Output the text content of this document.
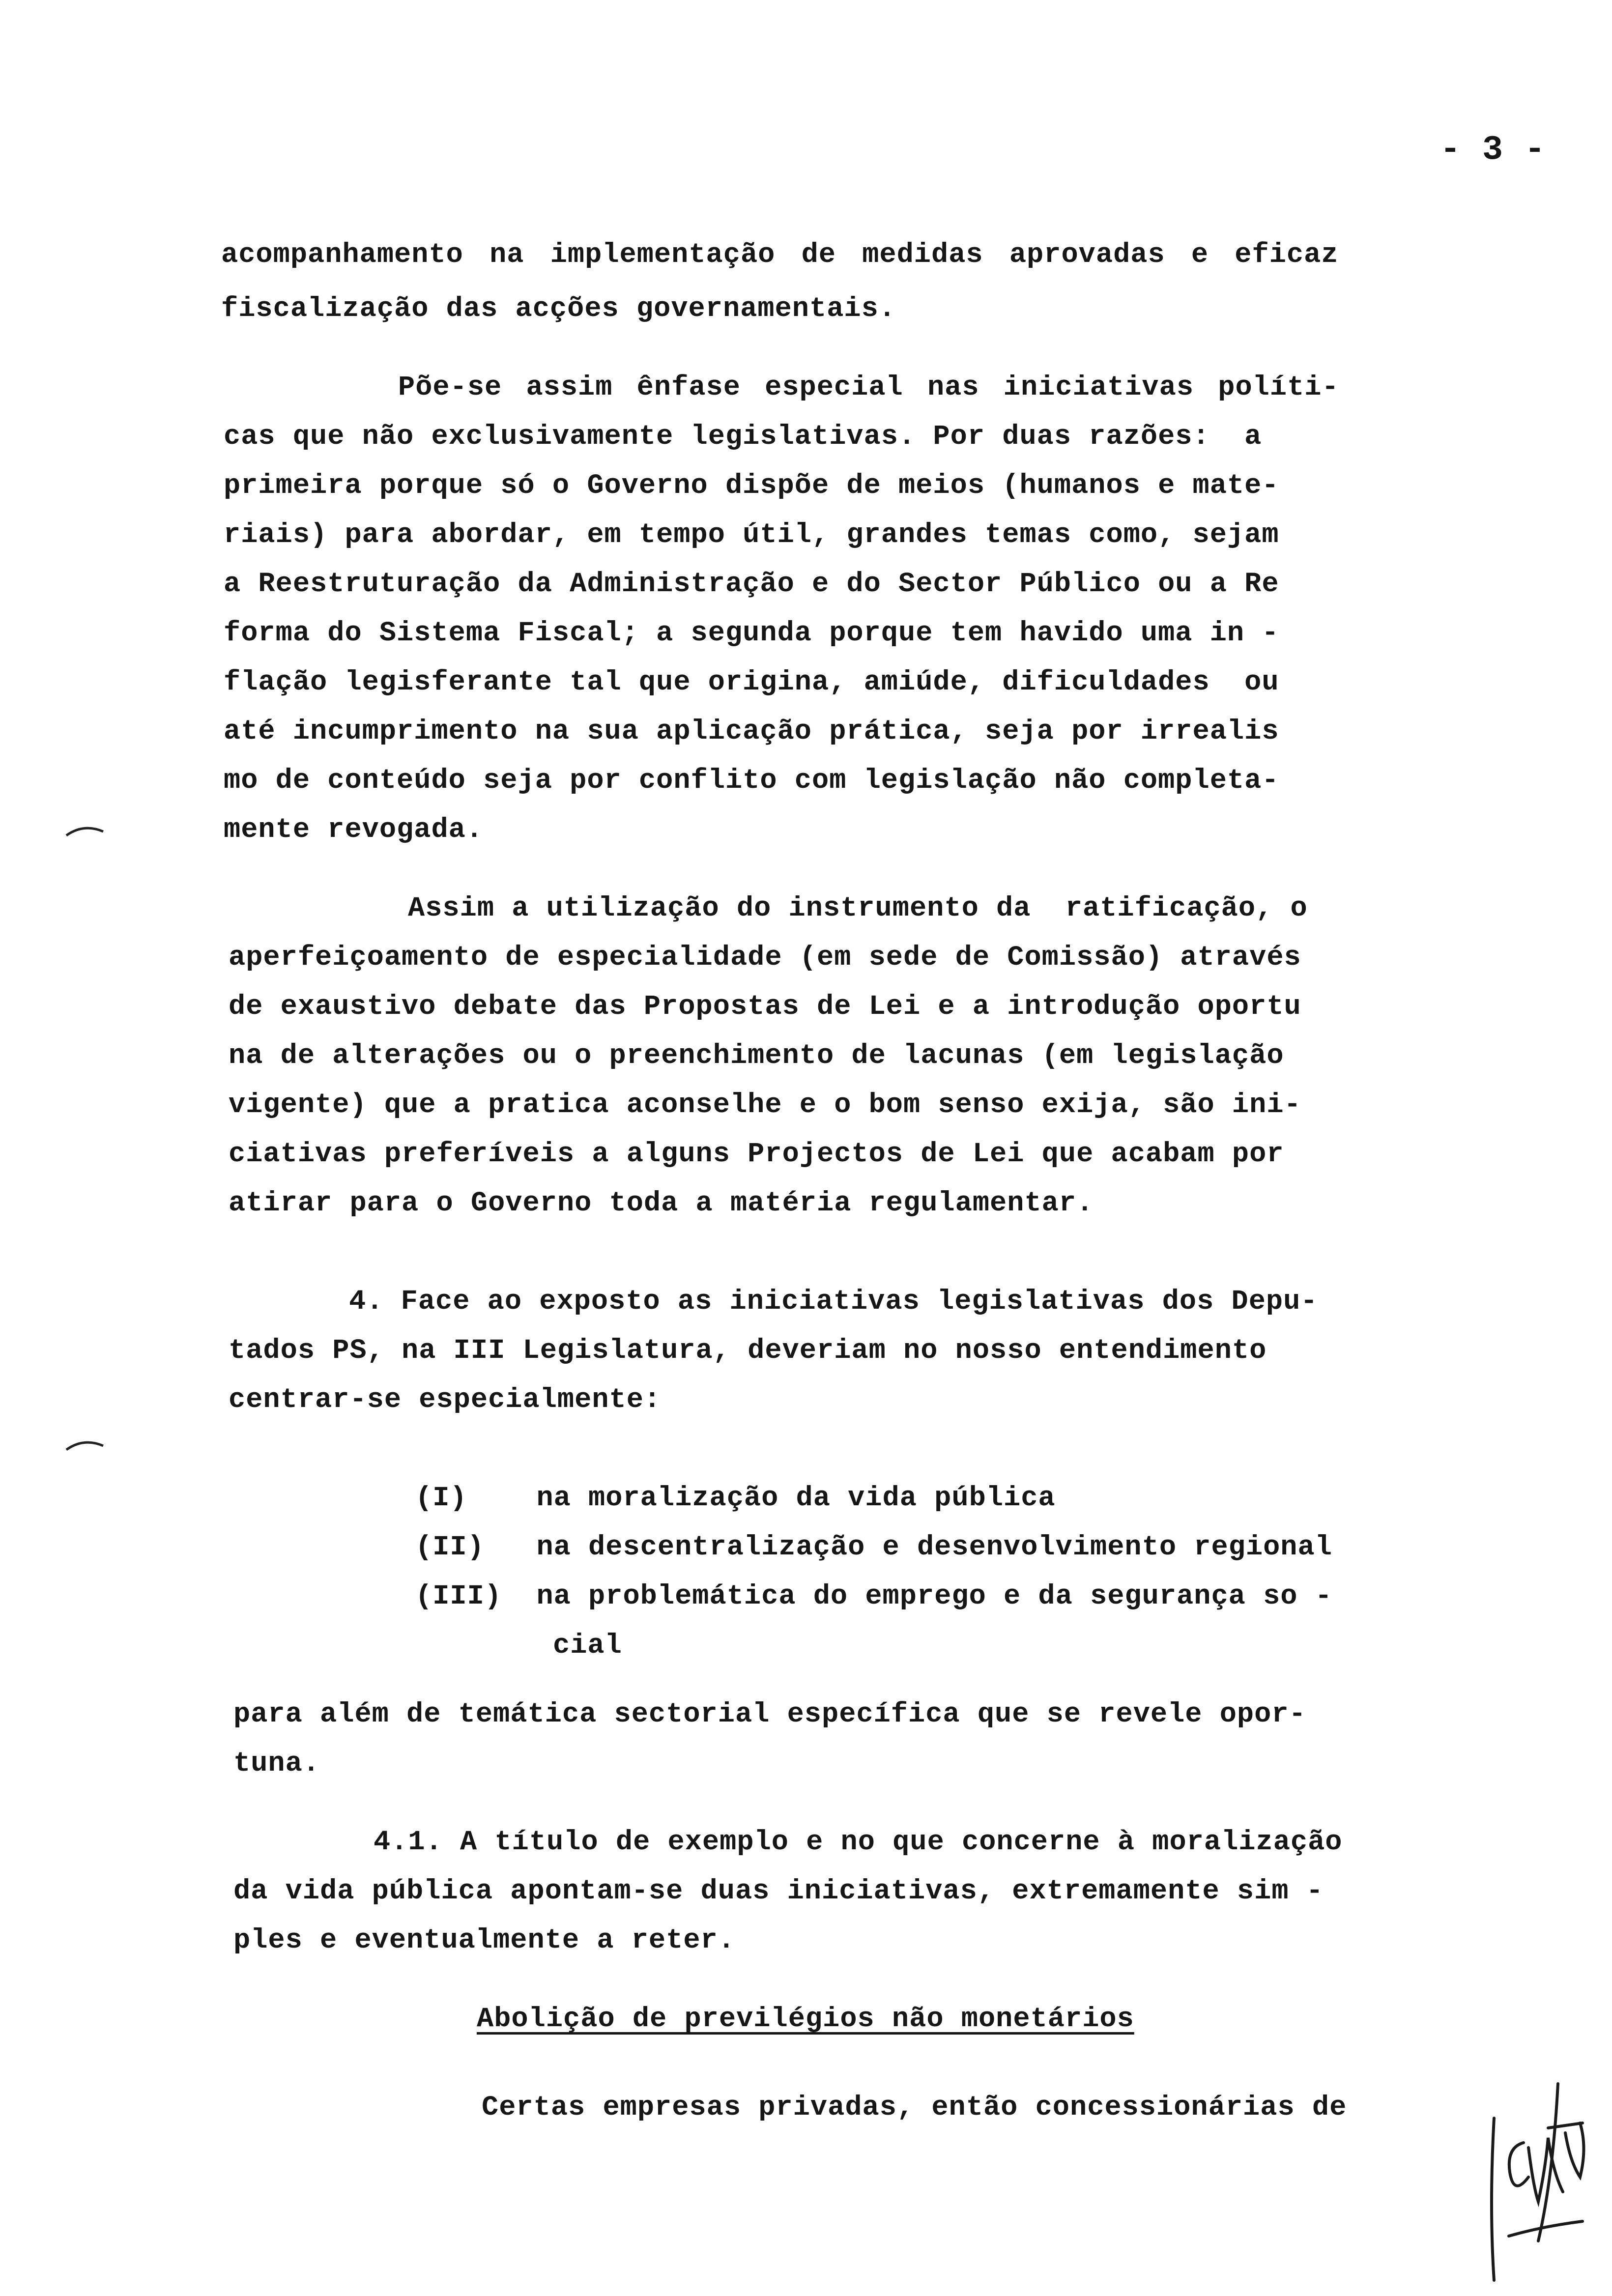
- 3 -
acompanhamento na implementação de medidas aprovadas e eficaz
fiscalização das acções governamentais.
Põe-se assim ênfase especial nas iniciativas políti-
cas que não exclusivamente legislativas. Por duas razões:  a
primeira porque só o Governo dispõe de meios (humanos e mate-
riais) para abordar, em tempo útil, grandes temas como, sejam
a Reestruturação da Administração e do Sector Público ou a Re
forma do Sistema Fiscal; a segunda porque tem havido uma in -
flação legisferante tal que origina, amiúde, dificuldades  ou
até incumprimento na sua aplicação prática, seja por irrealis
mo de conteúdo seja por conflito com legislação não completa-
mente revogada.
Assim a utilização do instrumento da  ratificação, o
aperfeiçoamento de especialidade (em sede de Comissão) através
de exaustivo debate das Propostas de Lei e a introdução oportu
na de alterações ou o preenchimento de lacunas (em legislação
vigente) que a pratica aconselhe e o bom senso exija, são ini-
ciativas preferíveis a alguns Projectos de Lei que acabam por
atirar para o Governo toda a matéria regulamentar.
4. Face ao exposto as iniciativas legislativas dos Depu-
tados PS, na III Legislatura, deveriam no nosso entendimento
centrar-se especialmente:
(I)    na moralização da vida pública
(II)   na descentralização e desenvolvimento regional
(III)  na problemática do emprego e da segurança so -
cial
para além de temática sectorial específica que se revele opor-
tuna.
4.1. A título de exemplo e no que concerne à moralização
da vida pública apontam-se duas iniciativas, extremamente sim -
ples e eventualmente a reter.
Abolição de previlégios não monetários
Certas empresas privadas, então concessionárias de
